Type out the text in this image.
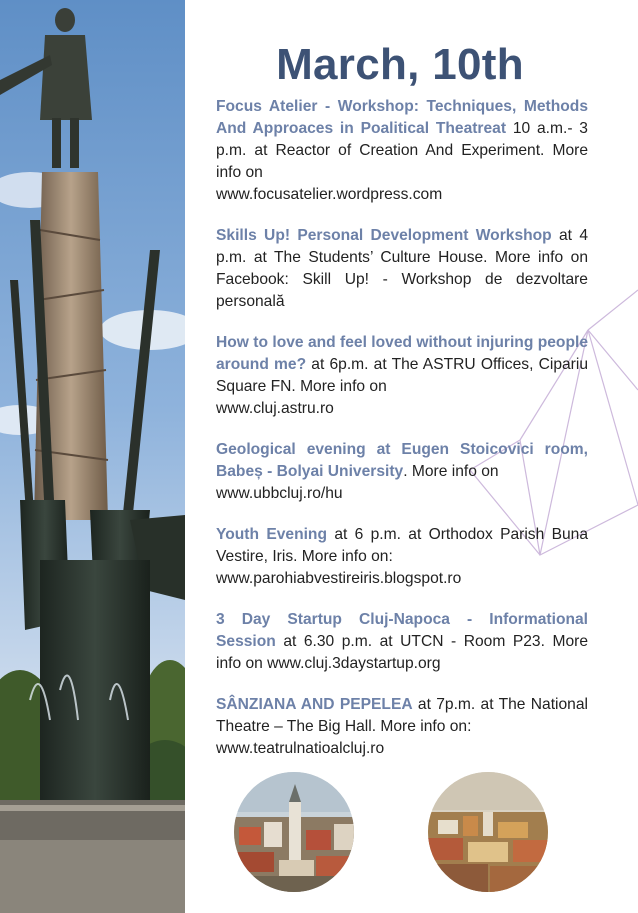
March, 10th

Focus Atelier - Workshop: Techniques, Methods And Approaces in Poalitical Theatreat 10 a.m.- 3 p.m. at Reactor of Creation And Experiment. More info on
www.focusatelier.wordpress.com

Skills Up! Personal Development Workshop at 4 p.m. at The Students’ Culture House. More info on Facebook: Skill Up! - Workshop de dezvoltare personală

How to love and feel loved without injuring people around me? at 6p.m. at The ASTRU Offices, Cipariu Square FN. More info on
www.cluj.astru.ro

Geological evening at Eugen Stoicovici room, Babeș - Bolyai University. More info on
www.ubbcluj.ro/hu

Youth Evening at 6 p.m. at Orthodox Parish Buna Vestire, Iris. More info on:
www.parohiabvestireiris.blogspot.ro

3 Day Startup Cluj-Napoca - Informational Session at 6.30 p.m. at UTCN - Room P23. More info on www.cluj.3daystartup.org

SÂNZIANA AND PEPELEA at 7p.m. at The National Theatre – The Big Hall. More info on:
www.teatrulnatioalcluj.ro
